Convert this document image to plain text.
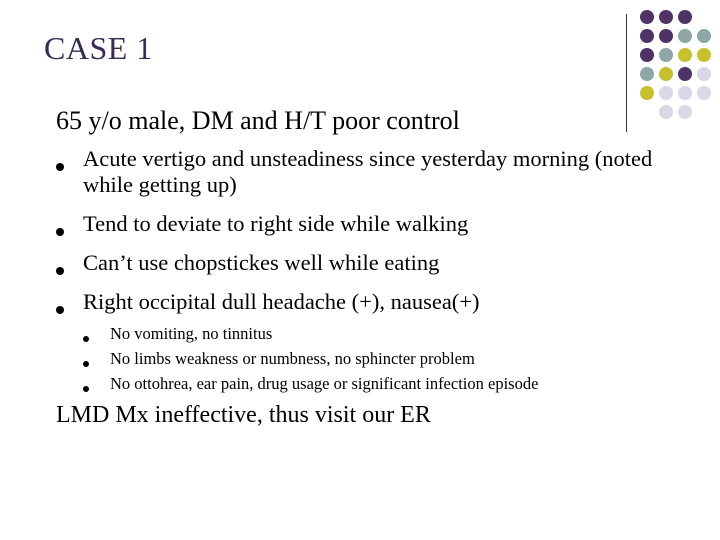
CASE 1
65 y/o male, DM and H/T poor control
Acute vertigo and unsteadiness since yesterday morning (noted while getting up)
Tend to deviate to right side while walking
Can’t use chopstickes well while eating
Right occipital dull headache (+), nausea(+)
No vomiting, no tinnitus
No limbs weakness or numbness, no sphincter problem
No ottohrea, ear pain, drug usage or significant infection episode
LMD Mx ineffective, thus visit our ER
